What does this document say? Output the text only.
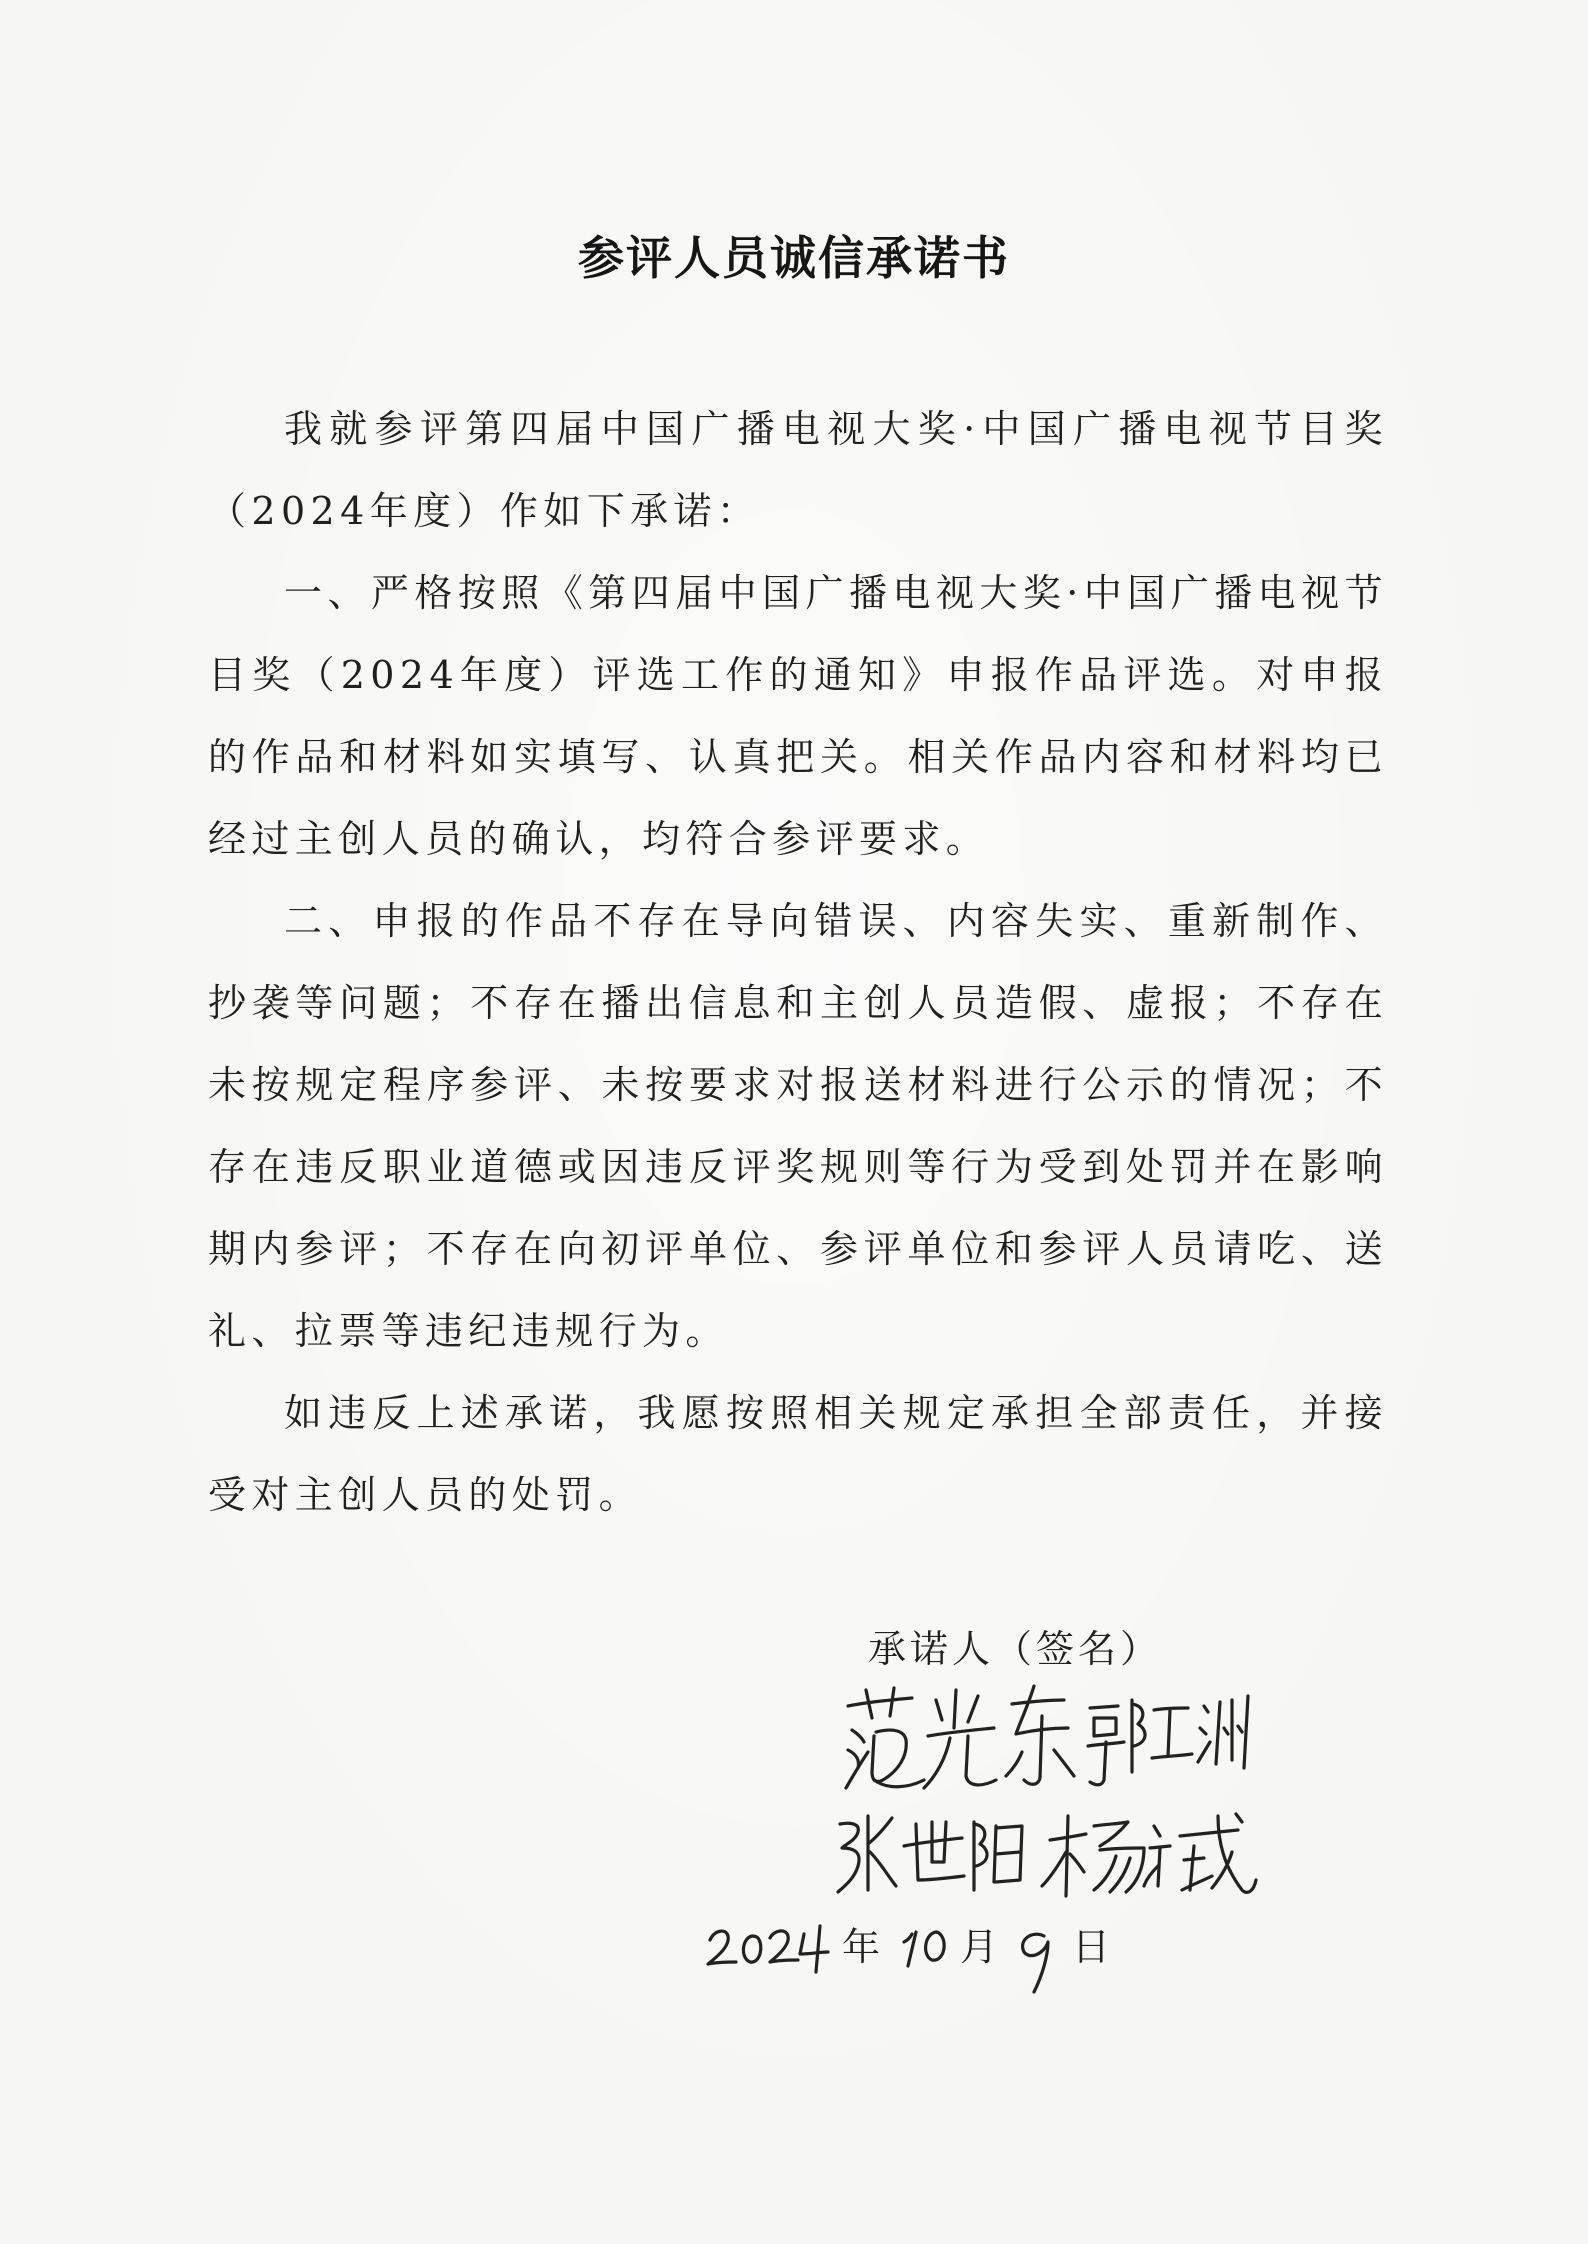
参评人员诚信承诺书

我就参评第四届中国广播电视大奖·中国广播电视节目奖（2024年度）作如下承诺：

一、严格按照《第四届中国广播电视大奖·中国广播电视节目奖（2024年度）评选工作的通知》申报作品评选。对申报的作品和材料如实填写、认真把关。相关作品内容和材料均已经过主创人员的确认，均符合参评要求。

二、申报的作品不存在导向错误、内容失实、重新制作、抄袭等问题；不存在播出信息和主创人员造假、虚报；不存在未按规定程序参评、未按要求对报送材料进行公示的情况；不存在违反职业道德或因违反评奖规则等行为受到处罚并在影响期内参评；不存在向初评单位、参评单位和参评人员请吃、送礼、拉票等违纪违规行为。

如违反上述承诺，我愿按照相关规定承担全部责任，并接受对主创人员的处罚。

承诺人（签名）
年 月 日
